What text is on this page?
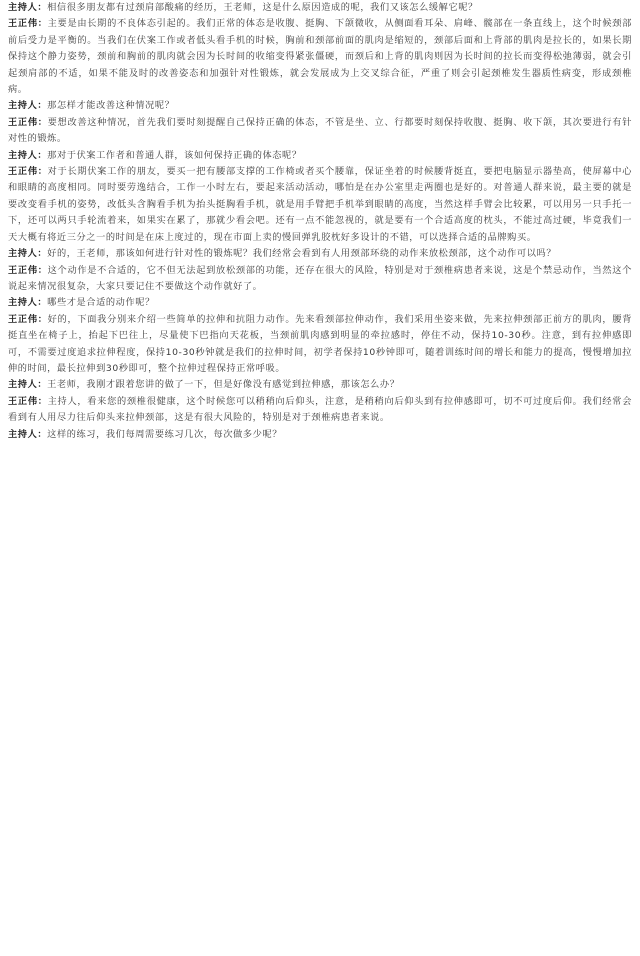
主持人：相信很多朋友都有过颈肩部酸痛的经历，王老师，这是什么原因造成的呢，我们又该怎么缓解它呢？

王正伟：主要是由长期的不良体态引起的。我们正常的体态是收腹、挺胸、下颌微收，从侧面看耳朵、肩峰、髋部在一条直线上，这个时候颈部前后受力是平衡的。当我们在伏案工作或者低头看手机的时候，胸前和颈部前面的肌肉是缩短的，颈部后面和上背部的肌肉是拉长的，如果长期保持这个静力姿势，颈前和胸前的肌肉就会因为长时间的收缩变得紧张僵硬，而颈后和上背的肌肉则因为长时间的拉长而变得松弛薄弱，就会引起颈肩部的不适，如果不能及时的改善姿态和加强针对性锻炼，就会发展成为上交叉综合征，严重了则会引起颈椎发生器质性病变，形成颈椎病。

主持人：那怎样才能改善这种情况呢？

王正伟：要想改善这种情况，首先我们要时刻提醒自己保持正确的体态，不管是坐、立、行都要时刻保持收腹、挺胸、收下颌，其次要进行有针对性的锻炼。

主持人：那对于伏案工作者和普通人群，该如何保持正确的体态呢？

王正伟：对于长期伏案工作的朋友，要买一把有腰部支撑的工作椅或者买个腰靠，保证坐着的时候腰背挺直，要把电脑显示器垫高，使屏幕中心和眼睛的高度相同。同时要劳逸结合，工作一小时左右，要起来活动活动，哪怕是在办公室里走两圈也是好的。对普通人群来说，最主要的就是要改变看手机的姿势，改低头含胸看手机为抬头挺胸看手机，就是用手臂把手机举到眼睛的高度，当然这样手臂会比较累，可以用另一只手托一下，还可以两只手轮流着来，如果实在累了，那就少看会吧。还有一点不能忽视的，就是要有一个合适高度的枕头，不能过高过硬，毕竟我们一天大概有将近三分之一的时间是在床上度过的，现在市面上卖的慢回弹乳胶枕好多设计的不错，可以选择合适的品牌购买。

主持人：好的，王老师，那该如何进行针对性的锻炼呢？我们经常会看到有人用颈部环绕的动作来放松颈部，这个动作可以吗？

王正伟：这个动作是不合适的，它不但无法起到放松颈部的功能，还存在很大的风险，特别是对于颈椎病患者来说，这是个禁忌动作，当然这个说起来情况很复杂，大家只要记住不要做这个动作就好了。

主持人：哪些才是合适的动作呢？

王正伟：好的，下面我分别来介绍一些简单的拉伸和抗阻力动作。先来看颈部拉伸动作，我们采用坐姿来做，先来拉伸颈部正前方的肌肉，腰背挺直坐在椅子上，抬起下巴往上，尽量使下巴指向天花板，当颈前肌肉感到明显的牵拉感时，停住不动，保持10-30秒。注意，到有拉伸感即可，不需要过度追求拉伸程度，保持10-30秒钟就是我们的拉伸时间，初学者保持10秒钟即可，随着训练时间的增长和能力的提高，慢慢增加拉伸的时间，最长拉伸到30秒即可，整个拉伸过程保持正常呼吸。

主持人：王老师，我刚才跟着您讲的做了一下，但是好像没有感觉到拉伸感，那该怎么办？

王正伟：主持人，看来您的颈椎很健康，这个时候您可以稍稍向后仰头，注意，是稍稍向后仰头到有拉伸感即可，切不可过度后仰。我们经常会看到有人用尽力往后仰头来拉伸颈部，这是有很大风险的，特别是对于颈椎病患者来说。

主持人：这样的练习，我们每周需要练习几次，每次做多少呢？
